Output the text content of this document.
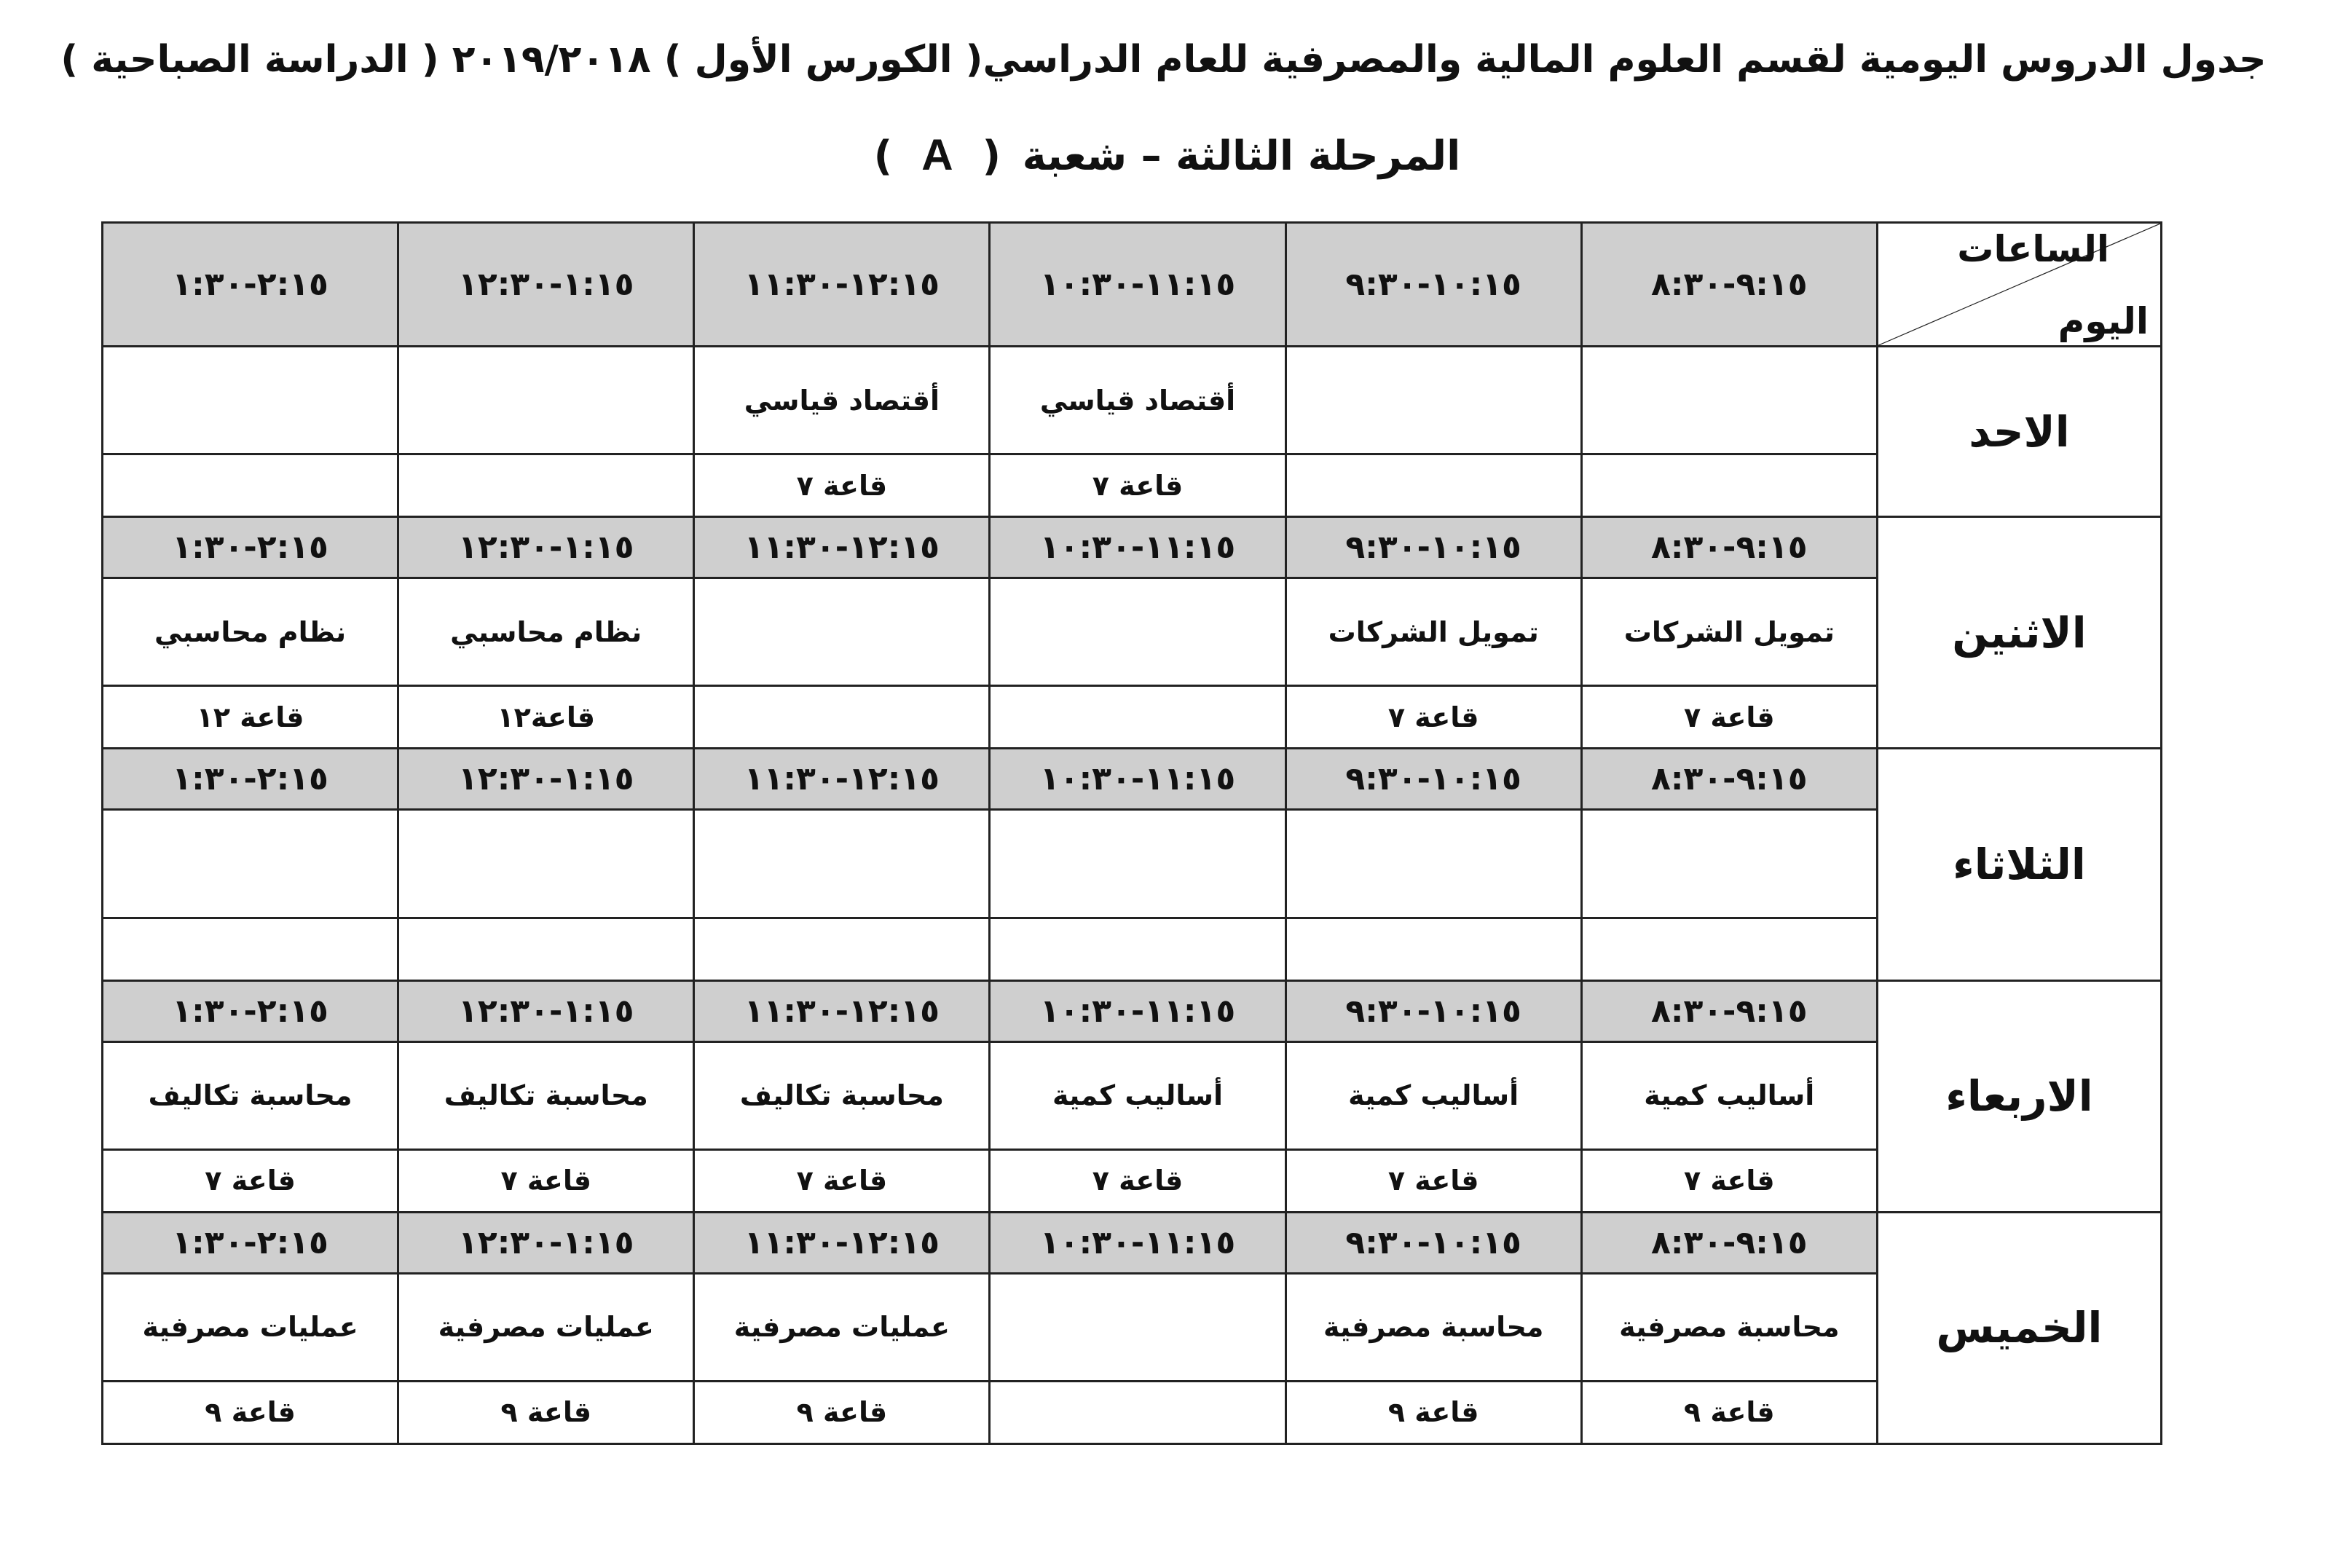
جدول الدروس اليومية لقسم العلوم المالية والمصرفية للعام الدراسي( الكورس الأول ) ٢٠١٩/٢٠١٨ ( الدراسة الصباحية )
المرحلة الثالثة – شعبة (A)
الساعات
اليوم	٩:١٥-٨:٣٠	١٠:١٥-٩:٣٠	١١:١٥-١٠:٣٠	١٢:١٥-١١:٣٠	١:١٥-١٢:٣٠	٢:١٥-١:٣٠
الاحد			أقتصاد قياسي	أقتصاد قياسي		
			قاعة ٧	قاعة ٧		
الاثنين	٩:١٥-٨:٣٠	١٠:١٥-٩:٣٠	١١:١٥-١٠:٣٠	١٢:١٥-١١:٣٠	١:١٥-١٢:٣٠	٢:١٥-١:٣٠
	تمويل الشركات	تمويل الشركات			نظام محاسبي	نظام محاسبي
	قاعة ٧	قاعة ٧			قاعة١٢	قاعة ١٢
الثلاثاء	٩:١٥-٨:٣٠	١٠:١٥-٩:٣٠	١١:١٥-١٠:٣٠	١٢:١٥-١١:٣٠	١:١٥-١٢:٣٠	٢:١٥-١:٣٠

الاربعاء	٩:١٥-٨:٣٠	١٠:١٥-٩:٣٠	١١:١٥-١٠:٣٠	١٢:١٥-١١:٣٠	١:١٥-١٢:٣٠	٢:١٥-١:٣٠
	أساليب كمية	أساليب كمية	أساليب كمية	محاسبة تكاليف	محاسبة تكاليف	محاسبة تكاليف
	قاعة ٧	قاعة ٧	قاعة ٧	قاعة ٧	قاعة ٧	قاعة ٧
الخميس	٩:١٥-٨:٣٠	١٠:١٥-٩:٣٠	١١:١٥-١٠:٣٠	١٢:١٥-١١:٣٠	١:١٥-١٢:٣٠	٢:١٥-١:٣٠
	محاسبة مصرفية	محاسبة مصرفية		عمليات مصرفية	عمليات مصرفية	عمليات مصرفية
	قاعة ٩	قاعة ٩		قاعة ٩	قاعة ٩	قاعة ٩
